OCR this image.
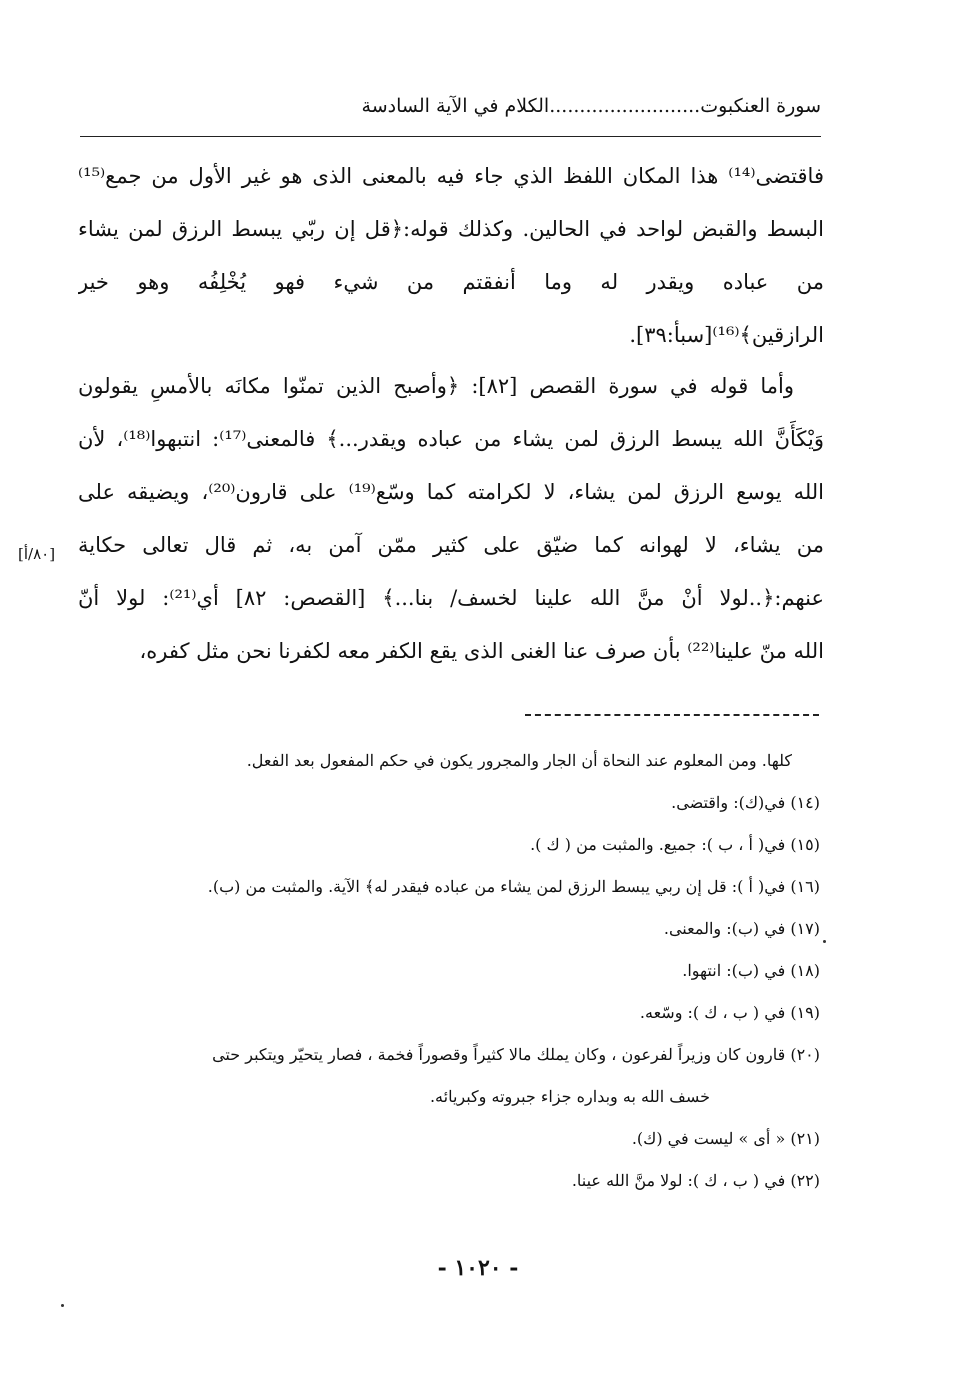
سورة العنكبوت.........................الكلام في الآية السادسة
فاقتضى⁽¹⁴⁾ هذا المكان اللفظ الذي جاء فيه بالمعنى الذى هو غير الأول من جمع⁽¹⁵⁾
البسط والقبض لواحد في الحالين. وكذلك قوله:﴿قل إن ربّي يبسط الرزق لمن يشاء
من عباده ويقدر له وما أنفقتم من شيء فهو يُخْلِفُه وهو خير
الرازقين﴾⁽¹⁶⁾[سبأ:٣٩].
وأما قوله في سورة القصص [٨٢]: ﴿وأصبح الذين تمنّوا مكانَه بالأمسِ يقولون
وَيْكَأَنَّ الله يبسط الرزق لمن يشاء من عباده ويقدر...﴾ فالمعنى⁽¹⁷⁾: انتبهوا⁽¹⁸⁾، لأن
الله يوسع الرزق لمن يشاء، لا لكرامته كما وسّع⁽¹⁹⁾ على قارون⁽²⁰⁾، ويضيقه على
من يشاء، لا لهوانه كما ضيّق على كثير ممّن آمن به، ثم قال تعالى حكاية
عنهم:﴿..لولا أنْ منَّ الله علينا لخسف/ بنا...﴾ [القصص: ٨٢] أي⁽²¹⁾: لولا أنّ
الله منّ علينا⁽²²⁾ بأن صرف عنا الغنى الذى يقع الكفر معه لكفرنا نحن مثل كفره،
[٨٠/أ]
كلها. ومن المعلوم عند النحاة أن الجار والمجرور يكون في حكم المفعول بعد الفعل.
(١٤) في(ك): واقتضى.
(١٥) في( أ ، ب ): جميع. والمثبت من ( ك ).
(١٦) في( أ ): قل إن ربي يبسط الرزق لمن يشاء من عباده فيقدر له﴾ الآية. والمثبت من (ب).
(١٧) في (ب): والمعنى.
(١٨) في (ب): انتهوا.
(١٩) في ( ب ، ك ): وسّعه.
(٢٠) قارون كان وزيراً لفرعون ، وكان يملك مالا كثيراً وقصوراً فخمة ، فصار يتحيّر ويتكبر حتى
خسف الله به وبداره جزاء جبروته وكبريائه.
(٢١) « أى » ليست في (ك).
(٢٢) في ( ب ، ك ): لولا منَّ الله عينا.
- ١٠٢٠ -
